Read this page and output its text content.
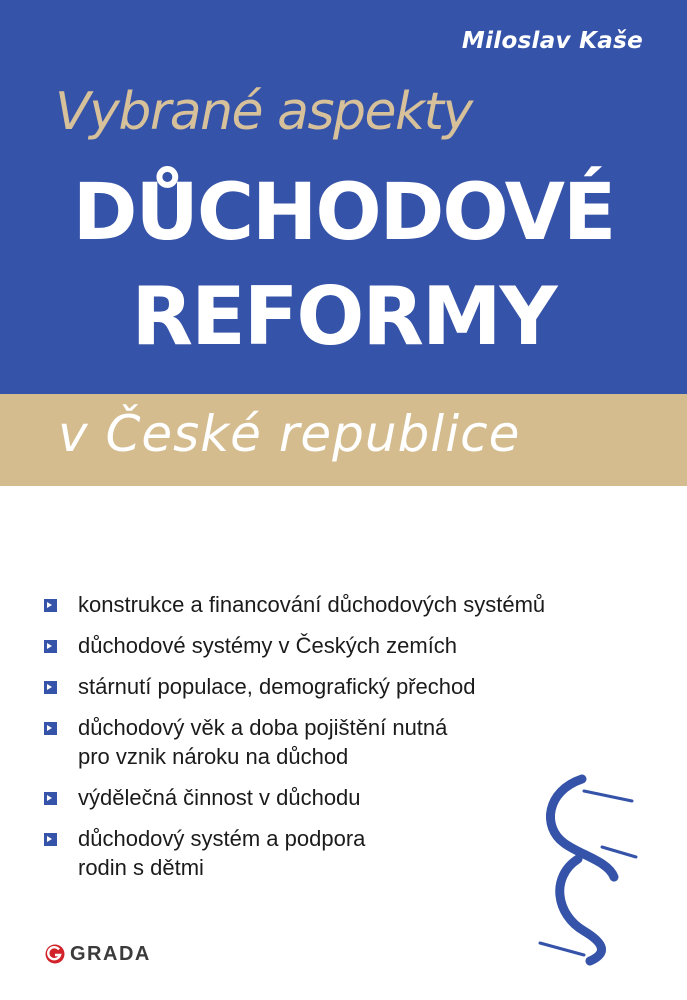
Miloslav Kaše
Vybrané aspekty
DŮCHODOVÉ
REFORMY
v České republice
konstrukce a financování důchodových systémů
důchodové systémy v Českých zemích
stárnutí populace, demografický přechod
důchodový věk a doba pojištění nutná
pro vznik nároku na důchod
výdělečná činnost v důchodu
důchodový systém a podpora
rodin s dětmi
GRADA
